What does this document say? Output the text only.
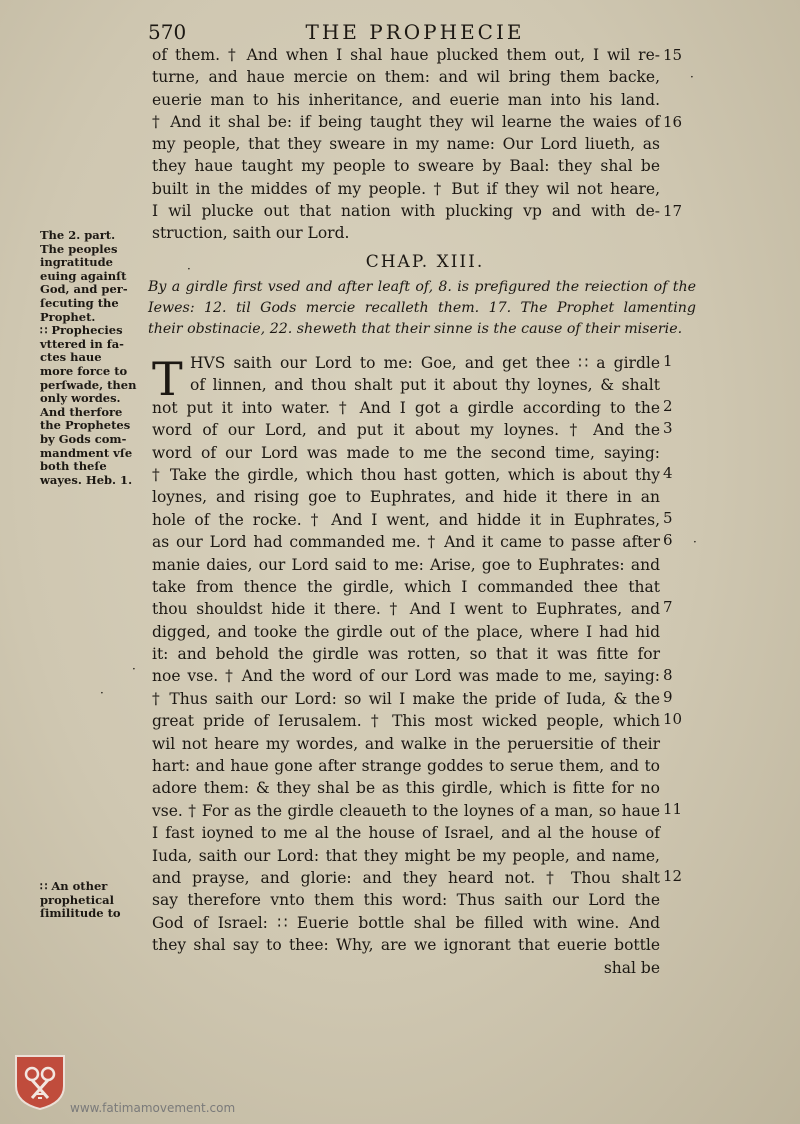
570	THE PROPHECIE
of them. † And when I shal haue plucked them out, I wil re-
turne, and haue mercie on them: and wil bring them backe,
euerie man to his inheritance, and euerie man into his land.
† And it shal be: if being taught they wil learne the waies of
my people, that they sweare in my name: Our Lord liueth, as
they haue taught my people to sweare by Baal: they shal be
built in the middes of my people. † But if they wil not heare,
I wil plucke out that nation with plucking vp and with de-
struction, saith our Lord.
15
16
17
CHAP. XIII.
By a girdle first vsed and after leaft of, 8. is prefigured the reiection of the
Iewes: 12. til Gods mercie recalleth them. 17. The Prophet lamenting
their obstinacie, 22. sheweth that their sinne is the cause of their miserie.
T HVS saith our Lord to me: Goe, and get thee ∷ a girdle
of linnen, and thou shalt put it about thy loynes, & shalt
not put it into water. † And I got a girdle according to the
word of our Lord, and put it about my loynes. † And the
word of our Lord was made to me the second time, saying:
† Take the girdle, which thou hast gotten, which is about thy
loynes, and rising goe to Euphrates, and hide it there in an
hole of the rocke. † And I went, and hidde it in Euphrates,
as our Lord had commanded me. † And it came to passe after
manie daies, our Lord said to me: Arise, goe to Euphrates: and
take from thence the girdle, which I commanded thee that
thou shouldst hide it there. † And I went to Euphrates, and
digged, and tooke the girdle out of the place, where I had hid
it: and behold the girdle was rotten, so that it was fitte for
noe vse. † And the word of our Lord was made to me, saying:
† Thus saith our Lord: so wil I make the pride of Iuda, & the
great pride of Ierusalem. † This most wicked people, which
wil not heare my wordes, and walke in the peruersitie of their
hart: and haue gone after strange goddes to serue them, and to
adore them: & they shal be as this girdle, which is fitte for no
vse. † For as the girdle cleaueth to the loynes of a man, so haue
I fast ioyned to me al the house of Israel, and al the house of
Iuda, saith our Lord: that they might be my people, and name,
and prayse, and glorie: and they heard not. † Thou shalt
say therefore vnto them this word: Thus saith our Lord the
God of Israel: ∷ Euerie bottle shal be filled with wine. And
they shal say to thee: Why, are we ignorant that euerie bottle
shal be
1
2
3
4
5
6
7
8
9
10
11
12
The 2. part.
The peoples
ingratitude
euing againſt
God, and per-
ſecuting the
Prophet.
∷ Prophecies
vttered in fa-
ctes haue
more force to
perſwade, then
only wordes.
And therfore
the Prophetes
by Gods com-
mandment vſe
both theſe
wayes. Heb. 1.
∷ An other
prophetical
ſimilitude to
·
·
·
·
·
www.fatimamovement.com
